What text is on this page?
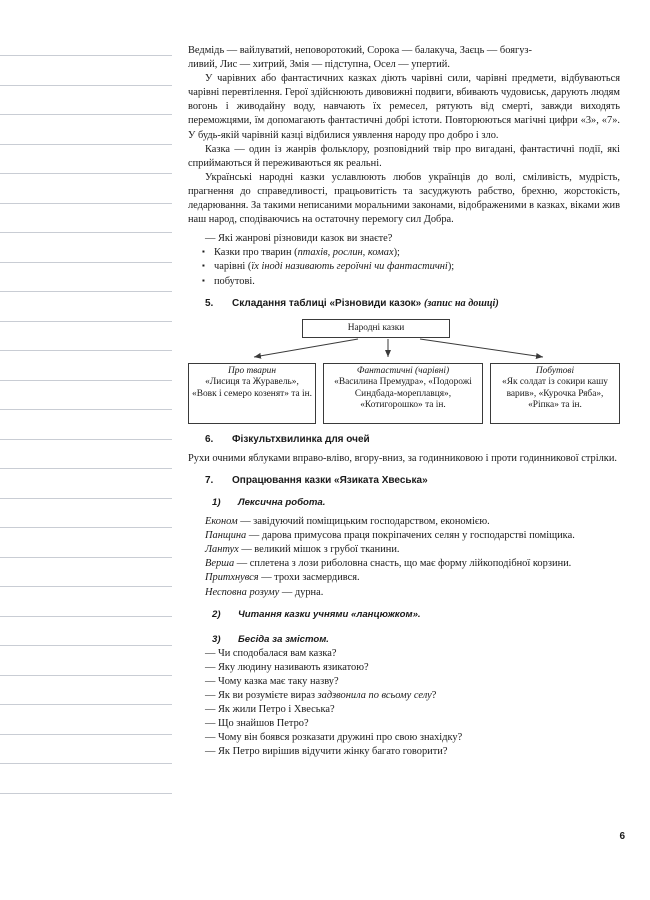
Ведмідь — вайлуватий, неповоротокий, Сорока — балакуча, Заєць — боягуз-
ливий, Лис — хитрий, Змія — підступна, Осел — упертий.

У чарівних або фантастичних казках діють чарівні сили, чарівні предмети, відбуваються чарівні перевтілення. Герої здійснюють дивовижні подвиги, вбивають чудовиськ, дарують людям вогонь і живодайну воду, навчають їх ремесел, рятують від смерті, завжди виходять переможцями, їм допомагають фантастичні добрі істоти. Повторюються магічні цифри «3», «7». У будь-якій чарівній казці відбилися уявлення народу про добро і зло.

Казка — один із жанрів фольклору, розповідний твір про вигадані, фантастичні події, які сприймаються й переживаються як реальні.

Українські народні казки уславлюють любов українців до волі, сміливість, мудрість, прагнення до справедливості, працьовитість та засуджують рабство, брехню, жорстокість, ледарювання. За такими неписаними моральними законами, відображеними в казках, віками жив наш народ, сподіваючись на остаточну перемогу сил Добра.

— Які жанрові різновиди казок ви знаєте?

▪ Казки про тварин (птахів, рослин, комах);
▪ чарівні (їх іноді називають героїчні чи фантастичні);
▪ побутові.
5.	Складання таблиці «Різновиди казок» (запис на дошці)
Народні казки
Про тварин
«Лисиця та Журавель», «Вовк і семеро козенят» та ін.
Фантастичні (чарівні)
«Василина Премудра», «Подорожі Синдбада-мореплавця», «Котигорошко» та ін.
Побутові
«Як солдат із сокири кашу варив», «Курочка Ряба», «Ріпка» та ін.
6.	Фізкультхвилинка для очей

Рухи очними яблуками вправо-вліво, вгору-вниз, за годинниковою і проти годинникової стрілки.

7.	Опрацювання казки «Язиката Хвеська»
1)	Лексична робота.

Економ — завідуючий поміщицьким господарством, економією.

Панщина — дарова примусова праця покріпачених селян у господарстві поміщика.

Лантух — великий мішок з грубої тканини.

Верша — сплетена з лози риболовна снасть, що має форму лійкоподібної корзини.

Притхнувся — трохи засмердився.

Несповна розуму — дурна.

2)	Читання казки учнями «ланцюжком».
3)	Бесіда за змістом.

— Чи сподобалася вам казка?

— Яку людину називають язикатою?

— Чому казка має таку назву?

— Як ви розумієте вираз задзвонила по всьому селу?

— Як жили Петро і Хвеська?

— Що знайшов Петро?

— Чому він боявся розказати дружині про свою знахідку?

— Як Петро вирішив відучити жінку багато говорити?

6
